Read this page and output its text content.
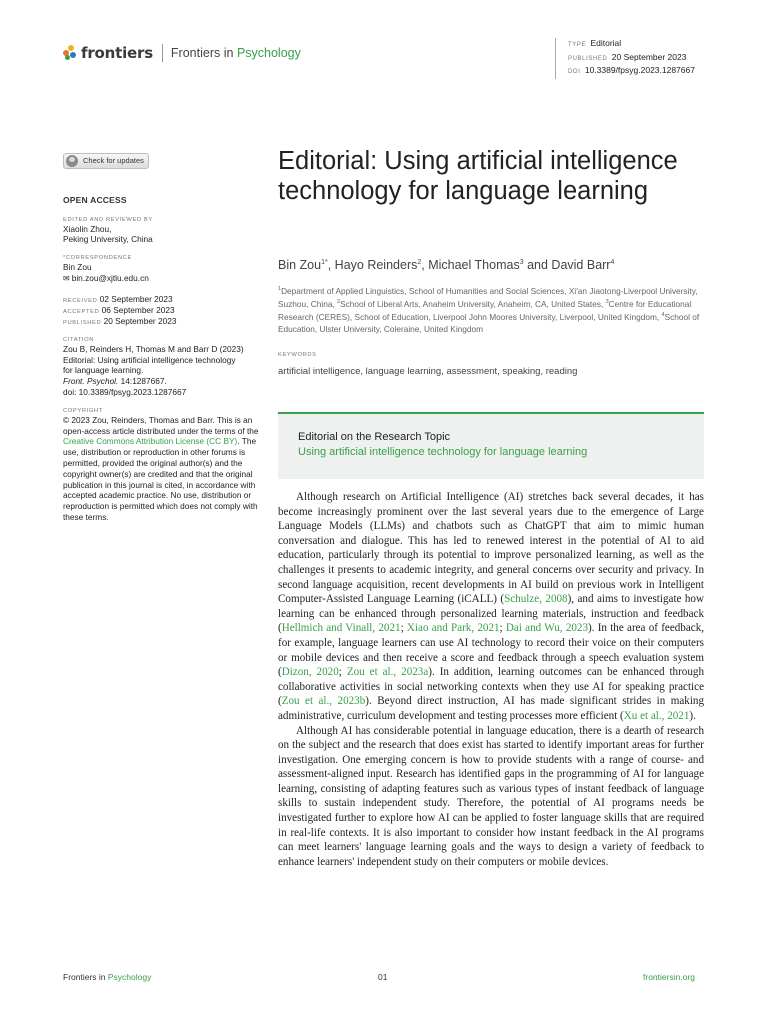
frontiers Frontiers in Psychology
TYPE Editorial
PUBLISHED 20 September 2023
DOI 10.3389/fpsyg.2023.1287667
Check for updates
OPEN ACCESS
EDITED AND REVIEWED BY
Xiaolin Zhou,
Peking University, China
*CORRESPONDENCE
Bin Zou
✉ bin.zou@xjtlu.edu.cn
RECEIVED 02 September 2023
ACCEPTED 06 September 2023
PUBLISHED 20 September 2023
CITATION
Zou B, Reinders H, Thomas M and Barr D (2023)
Editorial: Using artificial intelligence technology
for language learning.
Front. Psychol. 14:1287667.
doi: 10.3389/fpsyg.2023.1287667
COPYRIGHT
© 2023 Zou, Reinders, Thomas and Barr. This is an open-access article distributed under the terms of the Creative Commons Attribution License (CC BY). The use, distribution or reproduction in other forums is permitted, provided the original author(s) and the copyright owner(s) are credited and that the original publication in this journal is cited, in accordance with accepted academic practice. No use, distribution or reproduction is permitted which does not comply with these terms.
Editorial: Using artificial intelligence technology for language learning
Bin Zou$^{1*}$, Hayo Reinders$^2$, Michael Thomas$^3$ and David Barr$^4$
$^1$Department of Applied Linguistics, School of Humanities and Social Sciences, Xi'an Jiaotong-Liverpool University, Suzhou, China, $^2$School of Liberal Arts, Anaheim University, Anaheim, CA, United States, $^3$Centre for Educational Research (CERES), School of Education, Liverpool John Moores University, Liverpool, United Kingdom, $^4$School of Education, Ulster University, Coleraine, United Kingdom
KEYWORDS
artificial intelligence, language learning, assessment, speaking, reading
Editorial on the Research Topic
Using artificial intelligence technology for language learning

Although research on Artificial Intelligence (AI) stretches back several decades, it has become increasingly prominent over the last several years due to the emergence of Large Language Models (LLMs) and chatbots such as ChatGPT that aim to mimic human conversation and dialogue. This has led to renewed interest in the potential of AI to aid education, particularly through its potential to improve personalized learning, as well as the challenges it presents to academic integrity, and general concerns over security and privacy. In second language acquisition, recent developments in AI build on previous work in Intelligent Computer-Assisted Language Learning (iCALL) (Schulze, 2008), and aims to investigate how learning can be enhanced through personalized learning materials, instruction and feedback (Hellmich and Vinall, 2021; Xiao and Park, 2021; Dai and Wu, 2023). In the area of feedback, for example, language learners can use AI technology to record their voice on their computers or mobile devices and then receive a score and feedback through a speech evaluation system (Dizon, 2020; Zou et al., 2023a). In addition, learning outcomes can be enhanced through collaborative activities in social networking contexts when they use AI for speaking practice (Zou et al., 2023b). Beyond direct instruction, AI has made significant strides in making administrative, curriculum development and testing processes more efficient (Xu et al., 2021).

Although AI has considerable potential in language education, there is a dearth of research on the subject and the research that does exist has started to identify important areas for further investigation. One emerging concern is how to provide students with a range of course- and assessment-aligned input. Research has identified gaps in the programming of AI for language learning, consisting of adapting features such as various types of instant feedback of language skills to sustain independent study. Therefore, the potential of AI programs needs be investigated further to explore how AI can be applied to foster language skills that are required in real-life contexts. It is also important to consider how instant feedback in the AI programs can meet learners' language learning goals and the ways to design a variety of feedback to enhance learners' independent study on their computers or mobile devices.

Frontiers in Psychology	01	frontiersin.org
